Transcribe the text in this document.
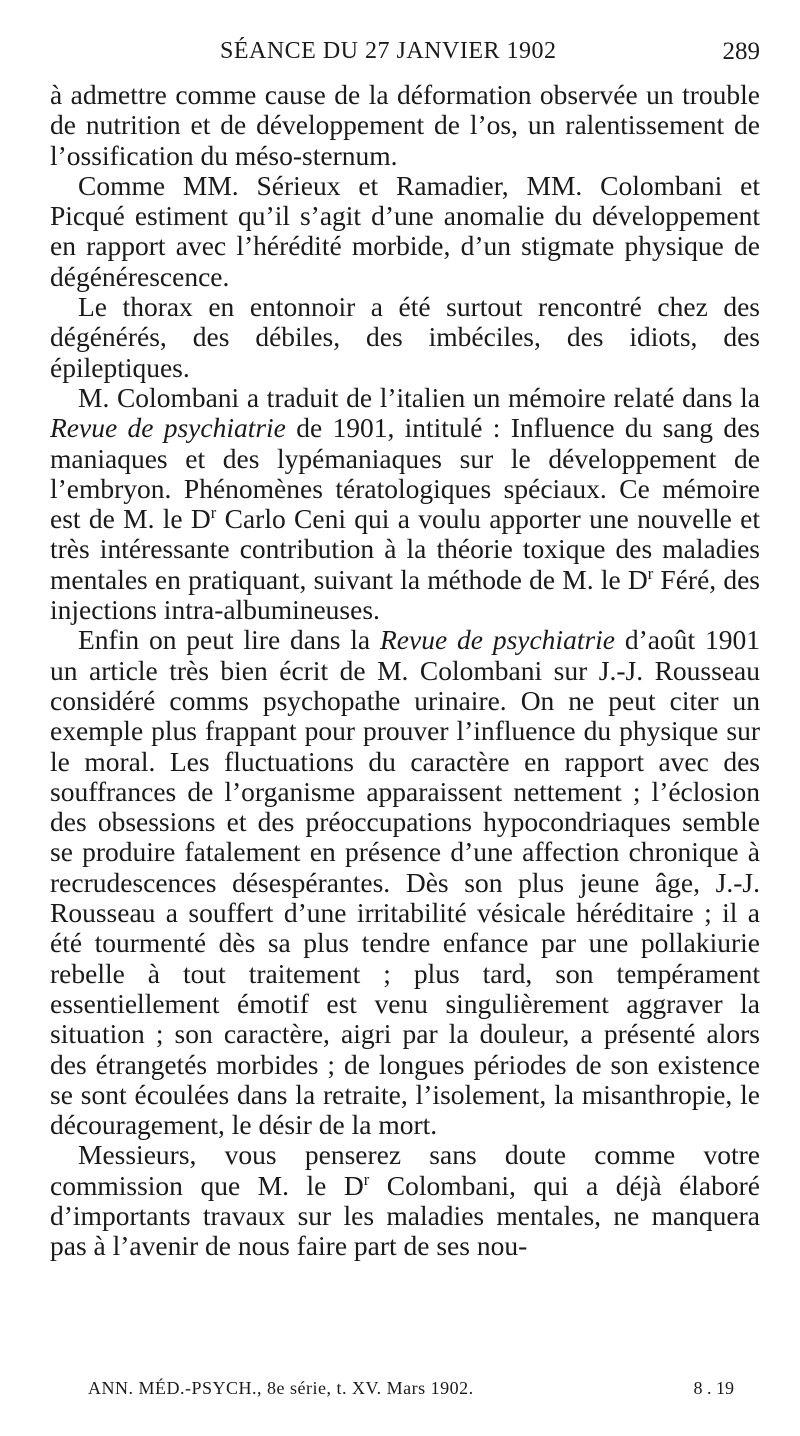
SÉANCE DU 27 JANVIER 1902	289

à admettre comme cause de la déformation observée un trouble de nutrition et de développement de l’os, un ralentissement de l’ossification du méso-sternum.

Comme MM. Sérieux et Ramadier, MM. Colombani et Picqué estiment qu’il s’agit d’une anomalie du développement en rapport avec l’hérédité morbide, d’un stigmate physique de dégénérescence.

Le thorax en entonnoir a été surtout rencontré chez des dégénérés, des débiles, des imbéciles, des idiots, des épileptiques.

M. Colombani a traduit de l’italien un mémoire relaté dans la Revue de psychiatrie de 1901, intitulé : Influence du sang des maniaques et des lypémaniaques sur le développement de l’embryon. Phénomènes tératologiques spéciaux. Ce mémoire est de M. le $D^r$ Carlo Ceni qui a voulu apporter une nouvelle et très intéressante contribution à la théorie toxique des maladies mentales en pratiquant, suivant la méthode de M. le $D^r$ Féré, des injections intra-albumineuses.

Enfin on peut lire dans la Revue de psychiatrie d’août 1901 un article très bien écrit de M. Colombani sur J.-J. Rousseau considéré comms psychopathe urinaire. On ne peut citer un exemple plus frappant pour prouver l’influence du physique sur le moral. Les fluctuations du caractère en rapport avec des souffrances de l’organisme apparaissent nettement ; l’éclosion des obsessions et des préoccupations hypocondriaques semble se produire fatalement en présence d’une affection chronique à recrudescences désespérantes. Dès son plus jeune âge, J.-J. Rousseau a souffert d’une irritabilité vésicale héréditaire ; il a été tourmenté dès sa plus tendre enfance par une pollakiurie rebelle à tout traitement ; plus tard, son tempérament essentiellement émotif est venu singulièrement aggraver la situation ; son caractère, aigri par la douleur, a présenté alors des étrangetés morbides ; de longues périodes de son existence se sont écoulées dans la retraite, l’isolement, la misanthropie, le découragement, le désir de la mort.

Messieurs, vous penserez sans doute comme votre commission que M. le $D^r$ Colombani, qui a déjà élaboré d’importants travaux sur les maladies mentales, ne manquera pas à l’avenir de nous faire part de ses nou-

ANN. MÉD.-PSYCH., 8e série, t. XV. Mars 1902.	8 . 19
